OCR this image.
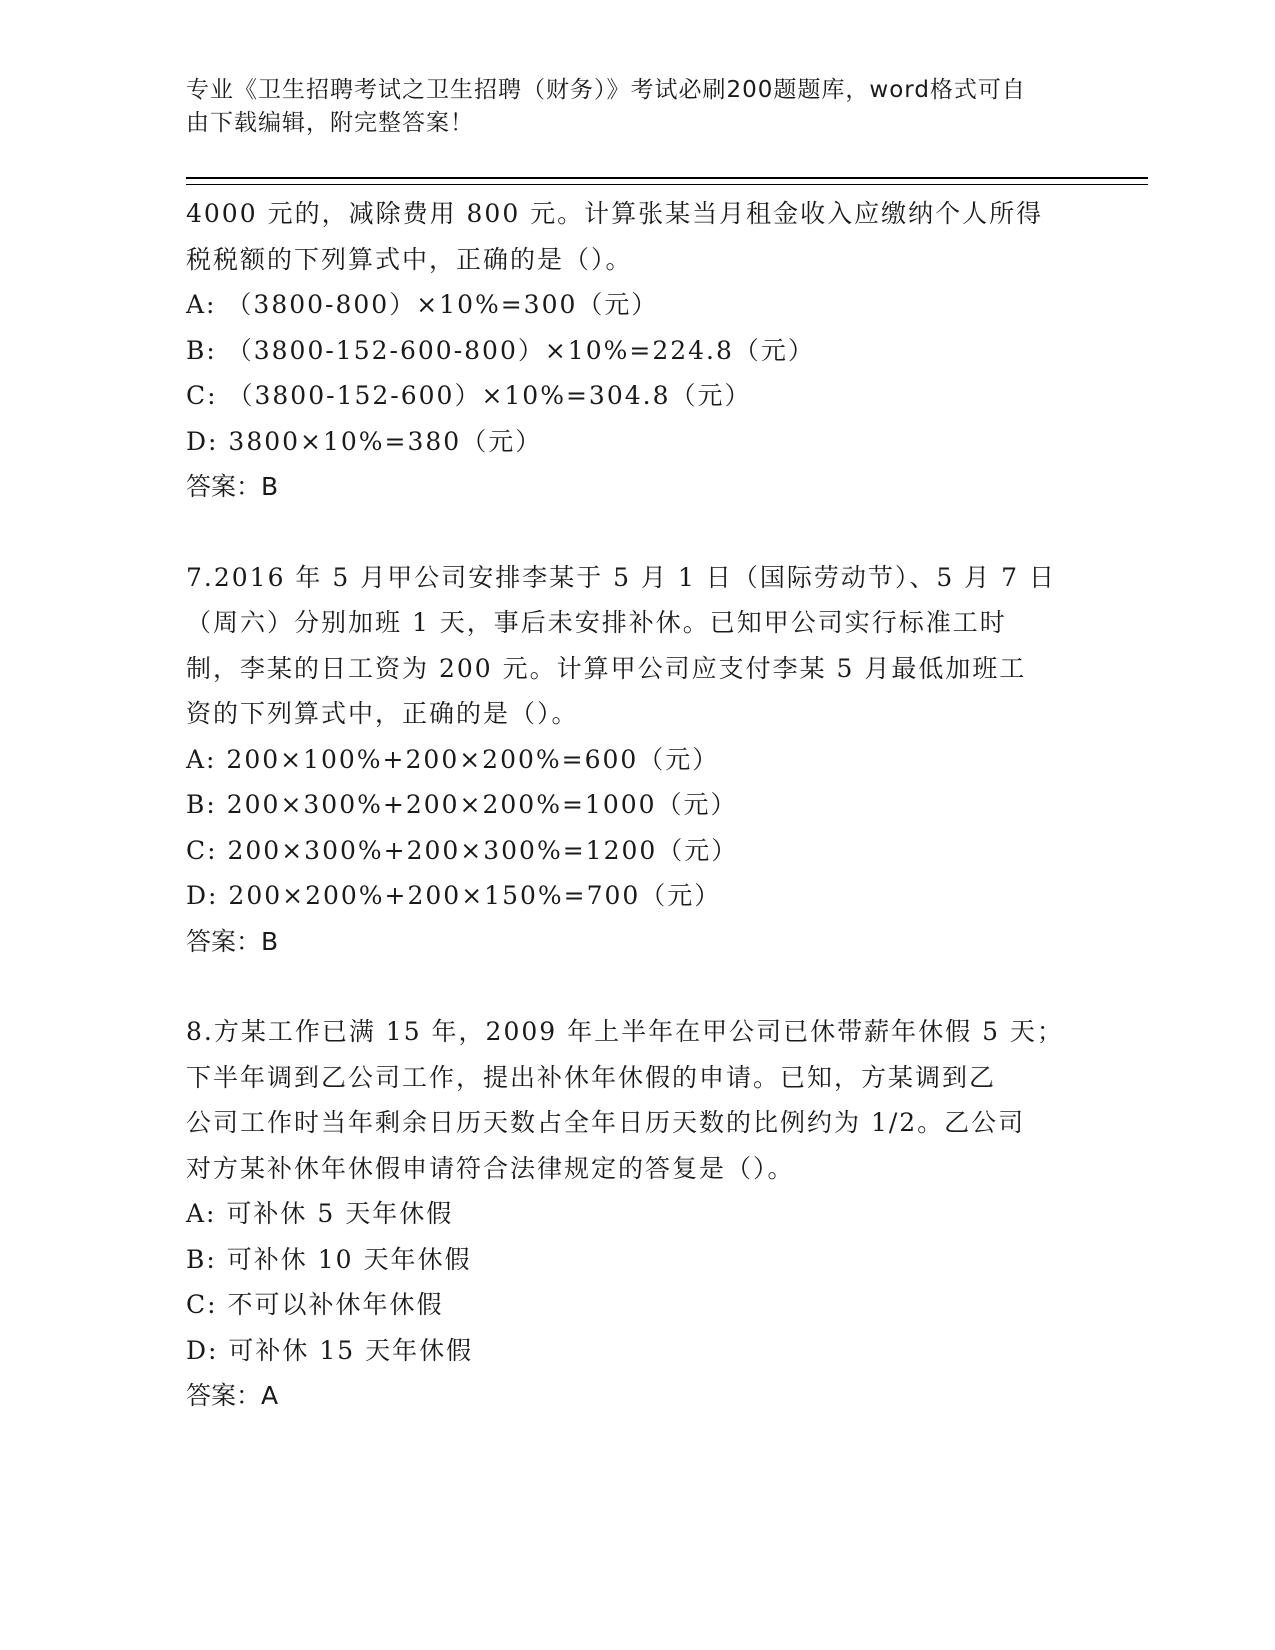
专业《卫生招聘考试之卫生招聘（财务）》考试必刷200题题库，word格式可自
由下载编辑，附完整答案！
4000 元的，减除费用 800 元。计算张某当月租金收入应缴纳个人所得
税税额的下列算式中，正确的是（）。
A: （3800-800）×10%=300（元）
B: （3800-152-600-800）×10%=224.8（元）
C: （3800-152-600）×10%=304.8（元）
D: 3800×10%=380（元）
答案：B
7.2016 年 5 月甲公司安排李某于 5 月 1 日（国际劳动节）、5 月 7 日
（周六）分别加班 1 天，事后未安排补休。已知甲公司实行标准工时
制，李某的日工资为 200 元。计算甲公司应支付李某 5 月最低加班工
资的下列算式中，正确的是（）。
A: 200×100%+200×200%=600（元）
B: 200×300%+200×200%=1000（元）
C: 200×300%+200×300%=1200（元）
D: 200×200%+200×150%=700（元）
答案：B
8.方某工作已满 15 年，2009 年上半年在甲公司已休带薪年休假 5 天；
下半年调到乙公司工作，提出补休年休假的申请。已知，方某调到乙
公司工作时当年剩余日历天数占全年日历天数的比例约为 1/2。乙公司
对方某补休年休假申请符合法律规定的答复是（）。
A: 可补休 5 天年休假
B: 可补休 10 天年休假
C: 不可以补休年休假
D: 可补休 15 天年休假
答案：A
